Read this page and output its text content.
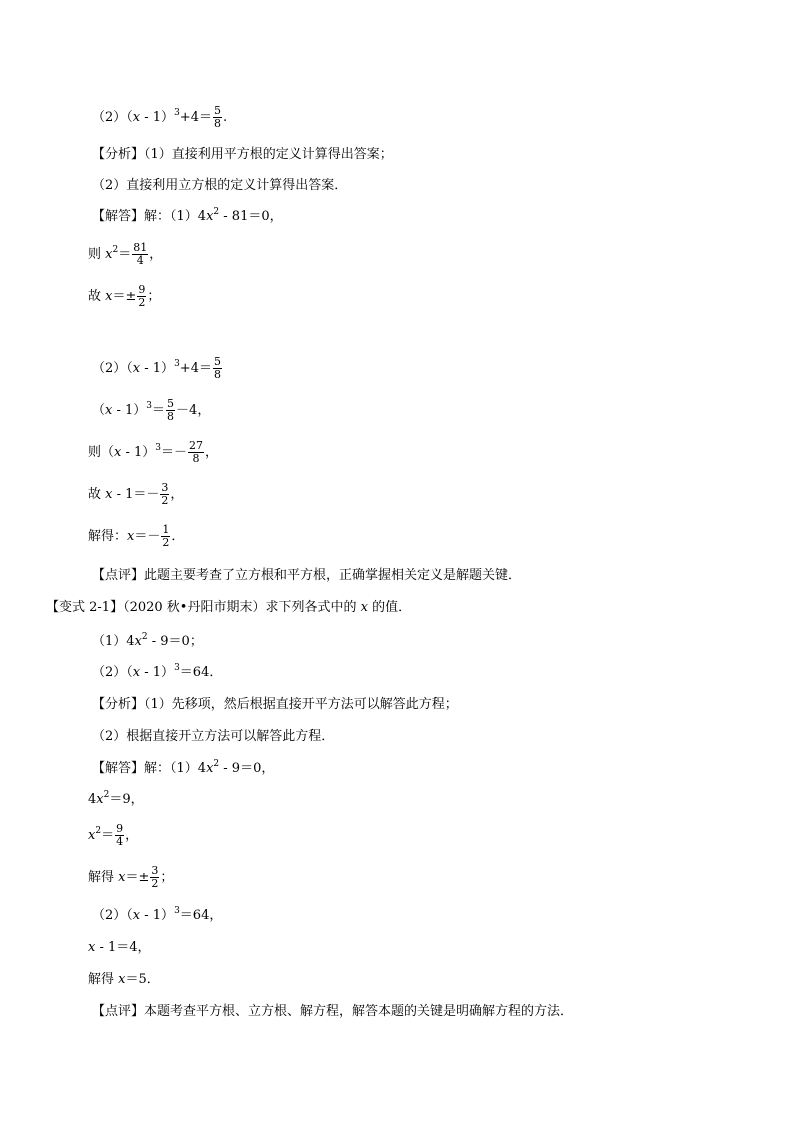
$(2)(x - 1)^3+4= \frac{5}{8}$ .
【分析】（1）直接利用平方根的定义计算得出答案；
（2）直接利用立方根的定义计算得出答案．
【解答】解：$(1)4x^2 - 81=0$，
则 $x^2= \frac{81}{4}$ ，
故 $x=\pm \frac{9}{2}$ ；
$(2)(x - 1)^3+4= \frac{5}{8}$
$(x - 1)^3= \frac{5}{8} -4$，
则$(x - 1)^3=- \frac{27}{8}$ ，
故 $x - 1=- \frac{3}{2}$ ，
解得：$x=- \frac{1}{2}$ ．
【点评】此题主要考查了立方根和平方根，正确掌握相关定义是解题关键．
【变式 2-1】（2020 秋•丹阳市期末）求下列各式中的 x 的值．
$(1)4x^2 - 9=0$；
（2）（x - 1）$^3$＝64．
【分析】（1）先移项，然后根据直接开平方法可以解答此方程；
（2）根据直接开立方法可以解答此方程．
【解答】解：$(1)4x^2 - 9=0$，
$4x^2=9$，
$x^2= \frac{9}{4}$ ，
解得 $x=\pm \frac{3}{2}$ ；
（2）（x - 1）$^3$＝64，
x - 1＝4，
解得 x＝5．
【点评】本题考查平方根、立方根、解方程，解答本题的关键是明确解方程的方法．
